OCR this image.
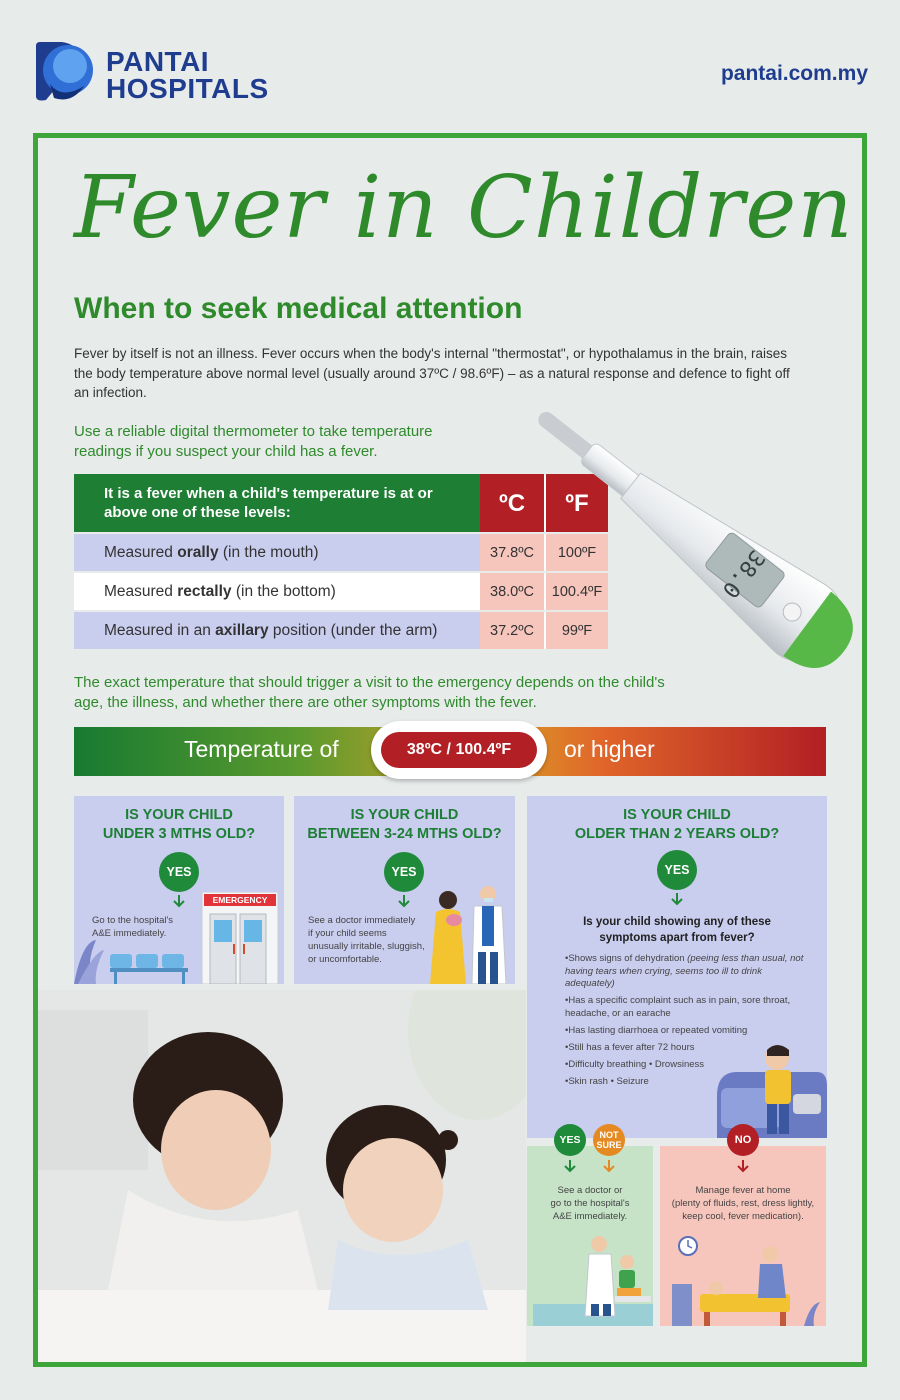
PANTAI
HOSPITALS	pantai.com.my
Fever in Children
When to seek medical attention

Fever by itself is not an illness. Fever occurs when the body's internal "thermostat", or hypothalamus in the brain, raises the body temperature above normal level (usually around 37ºC / 98.6ºF) – as a natural response and defence to fight off an infection.

Use a reliable digital thermometer to take temperature readings if you suspect your child has a fever.

It is a fever when a child's temperature is at or above one of these levels:	ºC	ºF
Measured orally (in the mouth)	37.8ºC	100ºF
Measured rectally (in the bottom)	38.0ºC	100.4ºF
Measured in an axillary position (under the arm)	37.2ºC	99ºF
38.0

The exact temperature that should trigger a visit to the emergency depends on the child's age, the illness, and whether there are other symptoms with the fever.

Temperature of	38ºC / 100.4ºF	or higher
IS YOUR CHILD
UNDER 3 MTHS OLD?
YES
Go to the hospital's
A&E immediately.
EMERGENCY
IS YOUR CHILD
BETWEEN 3-24 MTHS OLD?
YES
See a doctor immediately
if your child seems
unusually irritable, sluggish,
or uncomfortable.
IS YOUR CHILD
OLDER THAN 2 YEARS OLD?
YES
Is your child showing any of these
symptoms apart from fever?
• Shows signs of dehydration (peeing less than usual, not having tears when crying, seems too ill to drink adequately)
• Has a specific complaint such as in pain, sore throat, headache, or an earache
• Has lasting diarrhoea or repeated vomiting
• Still has a fever after 72 hours
• Difficulty breathing • Drowsiness
• Skin rash • Seizure
YES	NOT
SURE
See a doctor or
go to the hospital's
A&E immediately.
NO
Manage fever at home
(plenty of fluids, rest, dress lightly,
keep cool, fever medication).
